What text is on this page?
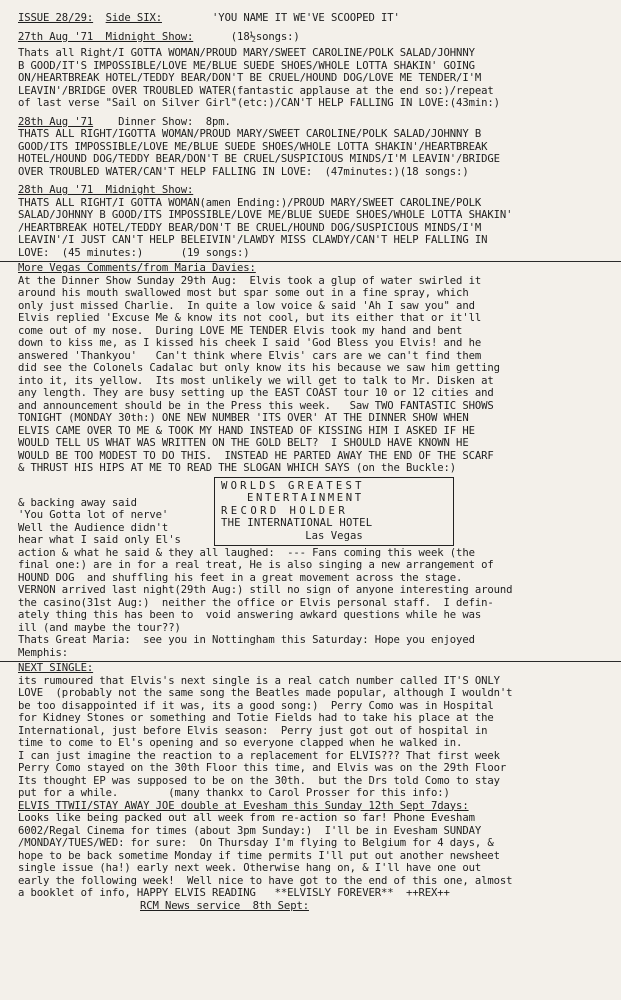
ISSUE 28/29:
Side SIX:
	'YOU NAME IT WE'VE SCOOPED IT'
27th Aug '71  Midnight Show:	(18½songs:)
Thats all Right/I GOTTA WOMAN/PROUD MARY/SWEET CAROLINE/POLK SALAD/JOHNNY
B GOOD/IT'S IMPOSSIBLE/LOVE ME/BLUE SUEDE SHOES/WHOLE LOTTA SHAKIN' GOING
ON/HEARTBREAK HOTEL/TEDDY BEAR/DON'T BE CRUEL/HOUND DOG/LOVE ME TENDER/I'M
LEAVIN'/BRIDGE OVER TROUBLED WATER(fantastic applause at the end so:)/repeat
of last verse "Sail on Silver Girl"(etc:)/CAN'T HELP FALLING IN LOVE:(43min:)
28th Aug '71 Dinner Show:  8pm.
THATS ALL RIGHT/IGOTTA WOMAN/PROUD MARY/SWEET CAROLINE/POLK SALAD/JOHNNY B
GOOD/ITS IMPOSSIBLE/LOVE ME/BLUE SUEDE SHOES/WHOLE LOTTA SHAKIN'/HEARTBREAK
HOTEL/HOUND DOG/TEDDY BEAR/DON'T BE CRUEL/SUSPICIOUS MINDS/I'M LEAVIN'/BRIDGE
OVER TROUBLED WATER/CAN'T HELP FALLING IN LOVE:  (47minutes:)(18 songs:)
28th Aug '71  Midnight Show:
THATS ALL RIGHT/I GOTTA WOMAN(amen Ending:)/PROUD MARY/SWEET CAROLINE/POLK
SALAD/JOHNNY B GOOD/ITS IMPOSSIBLE/LOVE ME/BLUE SUEDE SHOES/WHOLE LOTTA SHAKIN'
/HEARTBREAK HOTEL/TEDDY BEAR/DON'T BE CRUEL/HOUND DOG/SUSPICIOUS MINDS/I'M
LEAVIN'/I JUST CAN'T HELP BELEIVIN'/LAWDY MISS CLAWDY/CAN'T HELP FALLING IN
LOVE:  (45 minutes:)      (19 songs:)
More Vegas Comments/from Maria Davies:
At the Dinner Show Sunday 29th Aug:  Elvis took a glup of water swirled it
around his mouth swallowed most but spar some out in a fine spray, which
only just missed Charlie.  In quite a low voice & said 'Ah I saw you" and
Elvis replied 'Excuse Me & know its not cool, but its either that or it'll
come out of my nose.  During LOVE ME TENDER Elvis took my hand and bent
down to kiss me, as I kissed his cheek I said 'God Bless you Elvis! and he
answered 'Thankyou'   Can't think where Elvis' cars are we can't find them
did see the Colonels Cadalac but only know its his because we saw him getting
into it, its yellow.  Its most unlikely we will get to talk to Mr. Disken at
any length. They are busy setting up the EAST COAST tour 10 or 12 cities and
and announcement should be in the Press this week.   Saw TWO FANTASTIC SHOWS
TONIGHT (MONDAY 30th:) ONE NEW NUMBER 'ITS OVER' AT THE DINNER SHOW WHEN
ELVIS CAME OVER TO ME & TOOK MY HAND INSTEAD OF KISSING HIM I ASKED IF HE
WOULD TELL US WHAT WAS WRITTEN ON THE GOLD BELT?  I SHOULD HAVE KNOWN HE
WOULD BE TOO MODEST TO DO THIS.  INSTEAD HE PARTED AWAY THE END OF THE SCARF
& THRUST HIS HIPS AT ME TO READ THE SLOGAN WHICH SAYS (on the Buckle:)
& backing away said
'You Gotta lot of nerve'
Well the Audience didn't
hear what I said only El's
WORLDS GREATEST
ENTERTAINMENT
RECORD HOLDER
THE INTERNATIONAL HOTEL
Las Vegas
action & what he said & they all laughed:  --- Fans coming this week (the
final one:) are in for a real treat, He is also singing a new arrangement of
HOUND DOG  and shuffling his feet in a great movement across the stage.
VERNON arrived last night(29th Aug:) still no sign of anyone interesting around
the casino(31st Aug:)  neither the office or Elvis personal staff.  I defin-
ately thing this has been to  void answering awkard questions while he was
ill (and maybe the tour??)
Thats Great Maria:  see you in Nottingham this Saturday: Hope you enjoyed
Memphis:
NEXT SINGLE:
its rumoured that Elvis's next single is a real catch number called IT'S ONLY
LOVE  (probably not the same song the Beatles made popular, although I wouldn't
be too disappointed if it was, its a good song:)  Perry Como was in Hospital
for Kidney Stones or something and Totie Fields had to take his place at the
International, just before Elvis season:  Perry just got out of hospital in
time to come to El's opening and so everyone clapped when he walked in.
I can just imagine the reaction to a replacement for ELVIS??? That first week
Perry Como stayed on the 30th Floor this time, and Elvis was on the 29th Floor
Its thought EP was supposed to be on the 30th.  but the Drs told Como to stay
put for a while.        (many thankx to Carol Prosser for this info:)
ELVIS TTWII/STAY AWAY JOE double at Evesham this Sunday 12th Sept 7days:
Looks like being packed out all week from re-action so far! Phone Evesham
6002/Regal Cinema for times (about 3pm Sunday:)  I'll be in Evesham SUNDAY
/MONDAY/TUES/WED: for sure:  On Thursday I'm flying to Belgium for 4 days, &
hope to be back sometime Monday if time permits I'll put out another newsheet
single issue (ha!) early next week. Otherwise hang on, & I'll have one out
early the following week!  Well nice to have got to the end of this one, almost
a booklet of info, HAPPY ELVIS READING   **ELVISLY FOREVER**  ++REX++
RCM News service  8th Sept:
